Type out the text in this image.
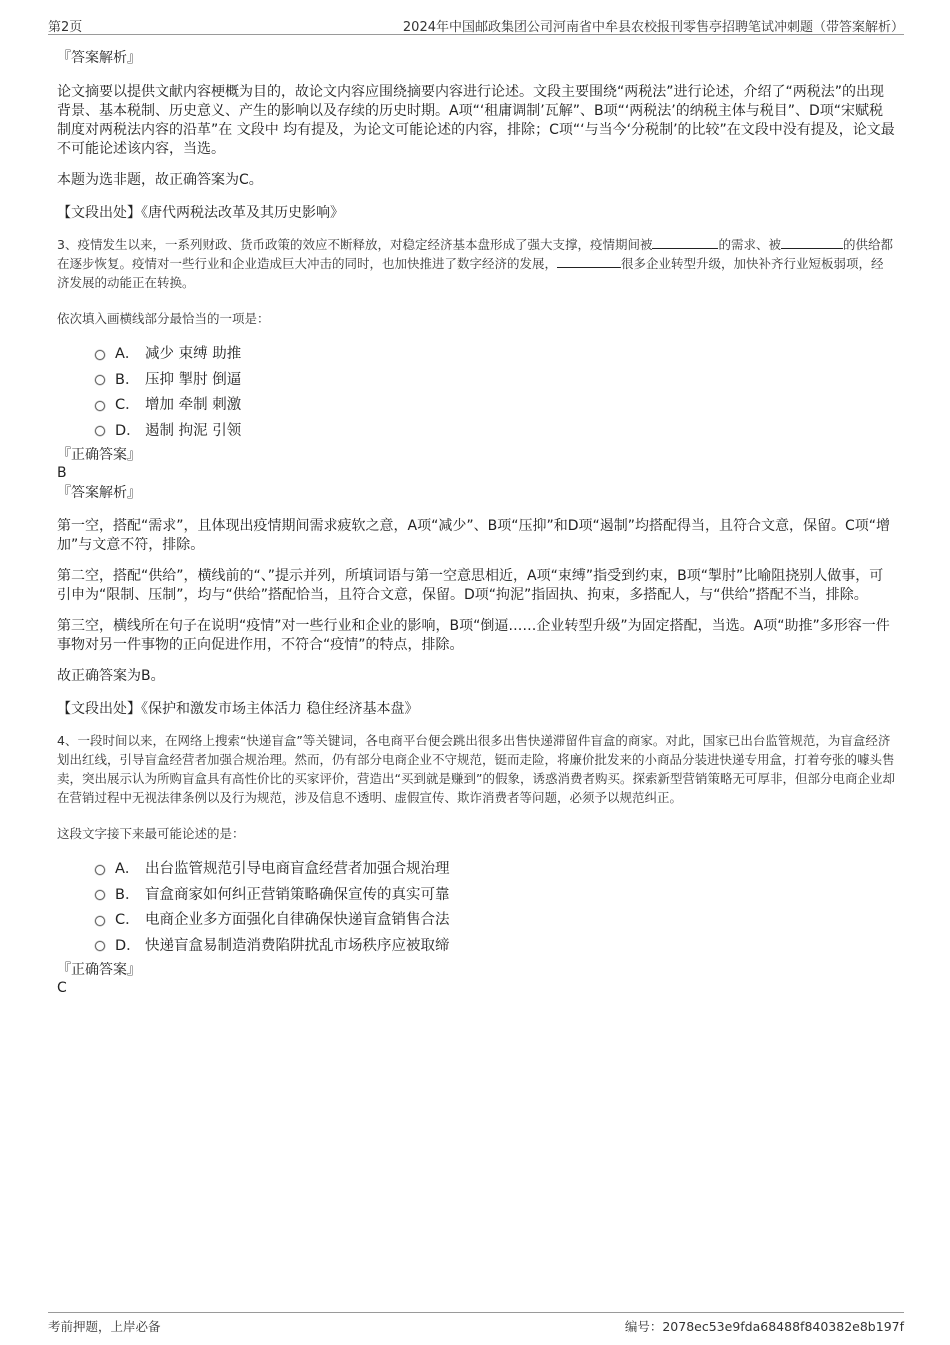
第2页	2024年中国邮政集团公司河南省中牟县农校报刊零售亭招聘笔试冲刺题（带答案解析）
『答案解析』

论文摘要以提供文献内容梗概为目的，故论文内容应围绕摘要内容进行论述。文段主要围绕“两税法”进行论述，介绍了“两税法”的出现背景、基本税制、历史意义、产生的影响以及存续的历史时期。A项“‘租庸调制’瓦解”、B项“‘两税法’的纳税主体与税目”、D项“宋赋税制度对两税法内容的沿革”在 文段中 均有提及，为论文可能论述的内容，排除；C项“‘与当今‘分税制’的比较”在文段中没有提及，论文最不可能论述该内容，当选。

本题为选非题，故正确答案为C。

【文段出处】《唐代两税法改革及其历史影响》

3、疫情发生以来，一系列财政、货币政策的效应不断释放，对稳定经济基本盘形成了强大支撑，疫情期间被	的需求、被	的供给都在逐步恢复。疫情对一些行业和企业造成巨大冲击的同时，也加快推进了数字经济的发展，	很多企业转型升级，加快补齐行业短板弱项，经济发展的动能正在转换。

依次填入画横线部分最恰当的一项是：

A． 减少 束缚 助推
B． 压抑 掣肘 倒逼
C． 增加 牵制 刺激
D． 遏制 拘泥 引领
『正确答案』
B
『答案解析』

第一空，搭配“需求”，且体现出疫情期间需求疲软之意，A项“减少”、B项“压抑”和D项“遏制”均搭配得当，且符合文意，保留。C项“增加”与文意不符，排除。

第二空，搭配“供给”，横线前的“、”提示并列，所填词语与第一空意思相近，A项“束缚”指受到约束，B项“掣肘”比喻阻挠别人做事，可引申为“限制、压制”，均与“供给”搭配恰当，且符合文意，保留。D项“拘泥”指固执、拘束，多搭配人，与“供给”搭配不当，排除。

第三空，横线所在句子在说明“疫情”对一些行业和企业的影响，B项“倒逼……企业转型升级”为固定搭配，当选。A项“助推”多形容一件事物对另一件事物的正向促进作用，不符合“疫情”的特点，排除。

故正确答案为B。

【文段出处】《保护和激发市场主体活力 稳住经济基本盘》

4、一段时间以来，在网络上搜索“快递盲盒”等关键词，各电商平台便会跳出很多出售快递滞留件盲盒的商家。对此，国家已出台监管规范，为盲盒经济划出红线，引导盲盒经营者加强合规治理。然而，仍有部分电商企业不守规范，铤而走险，将廉价批发来的小商品分装进快递专用盒，打着夸张的噱头售卖，突出展示认为所购盲盒具有高性价比的买家评价，营造出“买到就是赚到”的假象，诱惑消费者购买。探索新型营销策略无可厚非，但部分电商企业却在营销过程中无视法律条例以及行为规范，涉及信息不透明、虚假宣传、欺诈消费者等问题，必须予以规范纠正。

这段文字接下来最可能论述的是：

A． 出台监管规范引导电商盲盒经营者加强合规治理
B． 盲盒商家如何纠正营销策略确保宣传的真实可靠
C． 电商企业多方面强化自律确保快递盲盒销售合法
D． 快递盲盒易制造消费陷阱扰乱市场秩序应被取缔
『正确答案』
C
考前押题，上岸必备	编号：2078ec53e9fda68488f840382e8b197f
